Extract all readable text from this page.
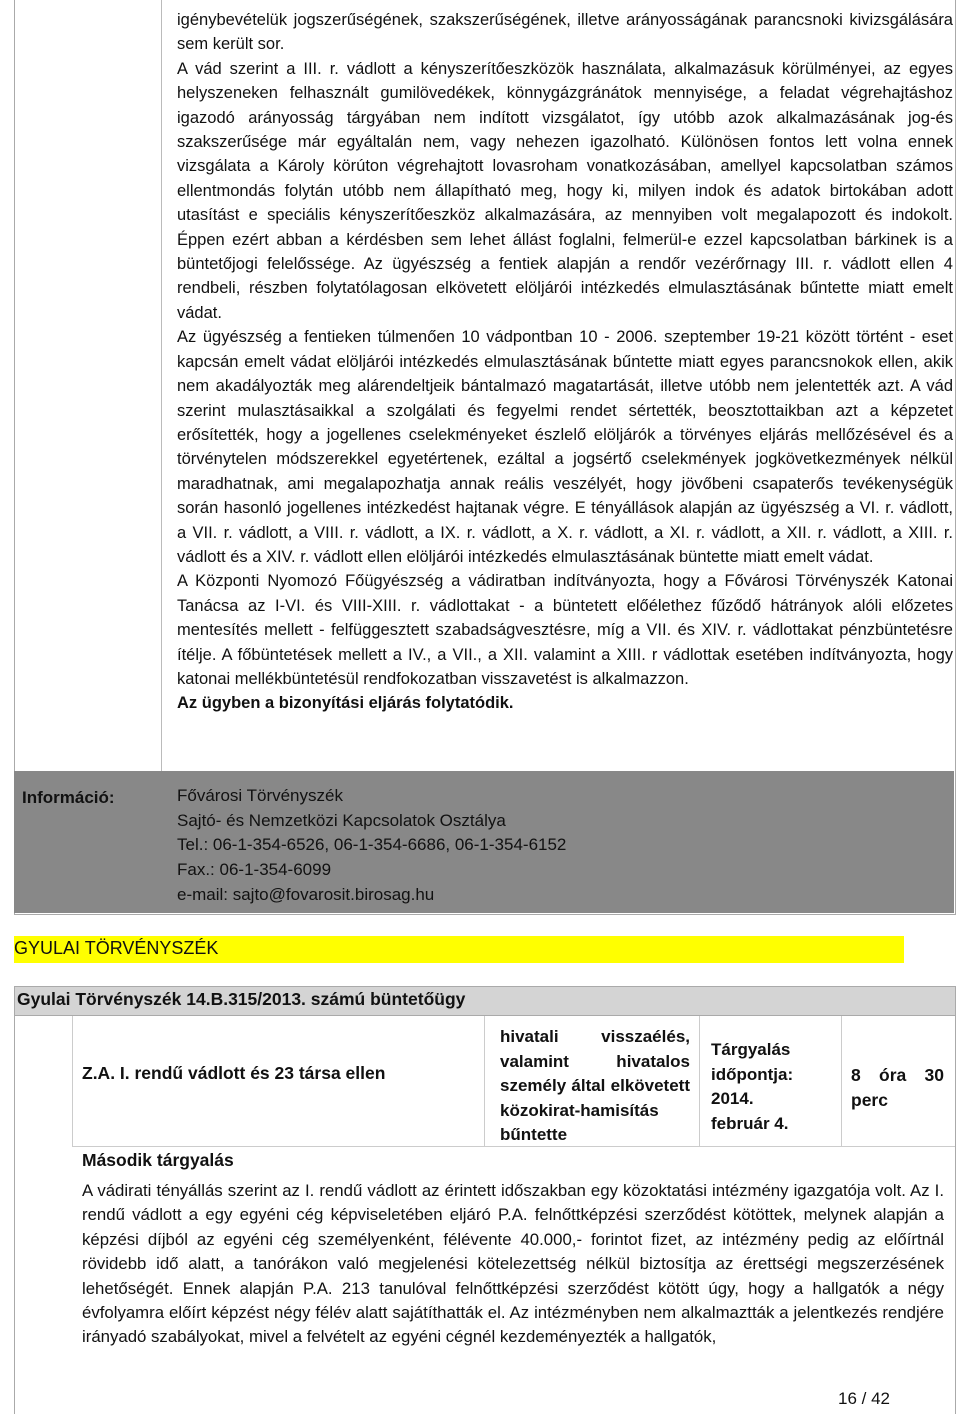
igénybevételük jogszerűségének, szakszerűségének, illetve arányosságának parancsnoki kivizsgálására sem került sor.

A vád szerint a III. r. vádlott a kényszerítőeszközök használata, alkalmazásuk körülményei, az egyes helyszeneken felhasznált gumilövedékek, könnygázgránátok mennyisége, a feladat végrehajtáshoz igazodó arányosság tárgyában nem indított vizsgálatot, így utóbb azok alkalmazásának jog-és szakszerűsége már egyáltalán nem, vagy nehezen igazolható. Különösen fontos lett volna ennek vizsgálata a Károly körúton végrehajtott lovasroham vonatkozásában, amellyel kapcsolatban számos ellentmondás folytán utóbb nem állapítható meg, hogy ki, milyen indok és adatok birtokában adott utasítást e speciális kényszerítőeszköz alkalmazására, az mennyiben volt megalapozott és indokolt. Éppen ezért abban a kérdésben sem lehet állást foglalni, felmerül-e ezzel kapcsolatban bárkinek is a büntetőjogi felelőssége. Az ügyészség a fentiek alapján a rendőr vezérőrnagy III. r. vádlott ellen 4 rendbeli, részben folytatólagosan elkövetett elöljárói intézkedés elmulasztásának bűntette miatt emelt vádat.

Az ügyészség a fentieken túlmenően 10 vádpontban 10 - 2006. szeptember 19-21 között történt - eset kapcsán emelt vádat elöljárói intézkedés elmulasztásának bűntette miatt egyes parancsnokok ellen, akik nem akadályozták meg alárendeltjeik bántalmazó magatartását, illetve utóbb nem jelentették azt. A vád szerint mulasztásaikkal a szolgálati és fegyelmi rendet sértették, beosztottaikban azt a képzetet erősítették, hogy a jogellenes cselekményeket észlelő elöljárók a törvényes eljárás mellőzésével és a törvénytelen módszerekkel egyetértenek, ezáltal a jogsértő cselekmények jogkövetkezmények nélkül maradhatnak, ami megalapozhatja annak reális veszélyét, hogy jövőbeni csapaterős tevékenységük során hasonló jogellenes intézkedést hajtanak végre. E tényállások alapján az ügyészség a VI. r. vádlott, a VII. r. vádlott, a VIII. r. vádlott, a IX. r. vádlott, a X. r. vádlott, a XI. r. vádlott, a XII. r. vádlott, a XIII. r. vádlott és a XIV. r. vádlott ellen elöljárói intézkedés elmulasztásának büntette miatt emelt vádat.

A Központi Nyomozó Főügyészség a vádiratban indítványozta, hogy a Fővárosi Törvényszék Katonai Tanácsa az I-VI. és VIII-XIII. r. vádlottakat - a büntetett előélethez fűződő hátrányok alóli előzetes mentesítés mellett - felfüggesztett szabadságvesztésre, míg a VII. és XIV. r. vádlottakat pénzbüntetésre ítélje. A főbüntetések mellett a IV., a VII., a XII. valamint a XIII. r vádlottak esetében indítványozta, hogy katonai mellékbüntetésül rendfokozatban visszavetést is alkalmazzon.

Az ügyben a bizonyítási eljárás folytatódik.

Információ:	Fővárosi Törvényszék
Sajtó- és Nemzetközi Kapcsolatok Osztálya
Tel.: 06-1-354-6526, 06-1-354-6686, 06-1-354-6152
Fax.: 06-1-354-6099
e-mail: sajto@fovarosit.birosag.hu
GYULAI TÖRVÉNYSZÉK
Gyulai Törvényszék 14.B.315/2013. számú büntetőügy
Z.A. I. rendű vádlott és 23 társa ellen
hivatali visszaélés, valamint hivatalos személy által elkövetett közokirat-hamisítás bűntette
Tárgyalás időpontja: 2014. február 4.
8 óra 30 perc
Második tárgyalás
A vádirati tényállás szerint az I. rendű vádlott az érintett időszakban egy közoktatási intézmény igazgatója volt. Az I. rendű vádlott a egy egyéni cég képviseletében eljáró P.A. felnőttképzési szerződést kötöttek, melynek alapján a képzési díjból az egyéni cég személyenként, félévente 40.000,- forintot fizet, az intézmény pedig az előírtnál rövidebb idő alatt, a tanórákon való megjelenési kötelezettség nélkül biztosítja az érettségi megszerzésének lehetőségét. Ennek alapján P.A. 213 tanulóval felnőttképzési szerződést kötött úgy, hogy a hallgatók a négy évfolyamra előírt képzést négy félév alatt sajátíthatták el. Az intézményben nem alkalmaztták a jelentkezés rendjére irányadó szabályokat, mivel a felvételt az egyéni cégnél kezdeményezték a hallgatók,
16 / 42
